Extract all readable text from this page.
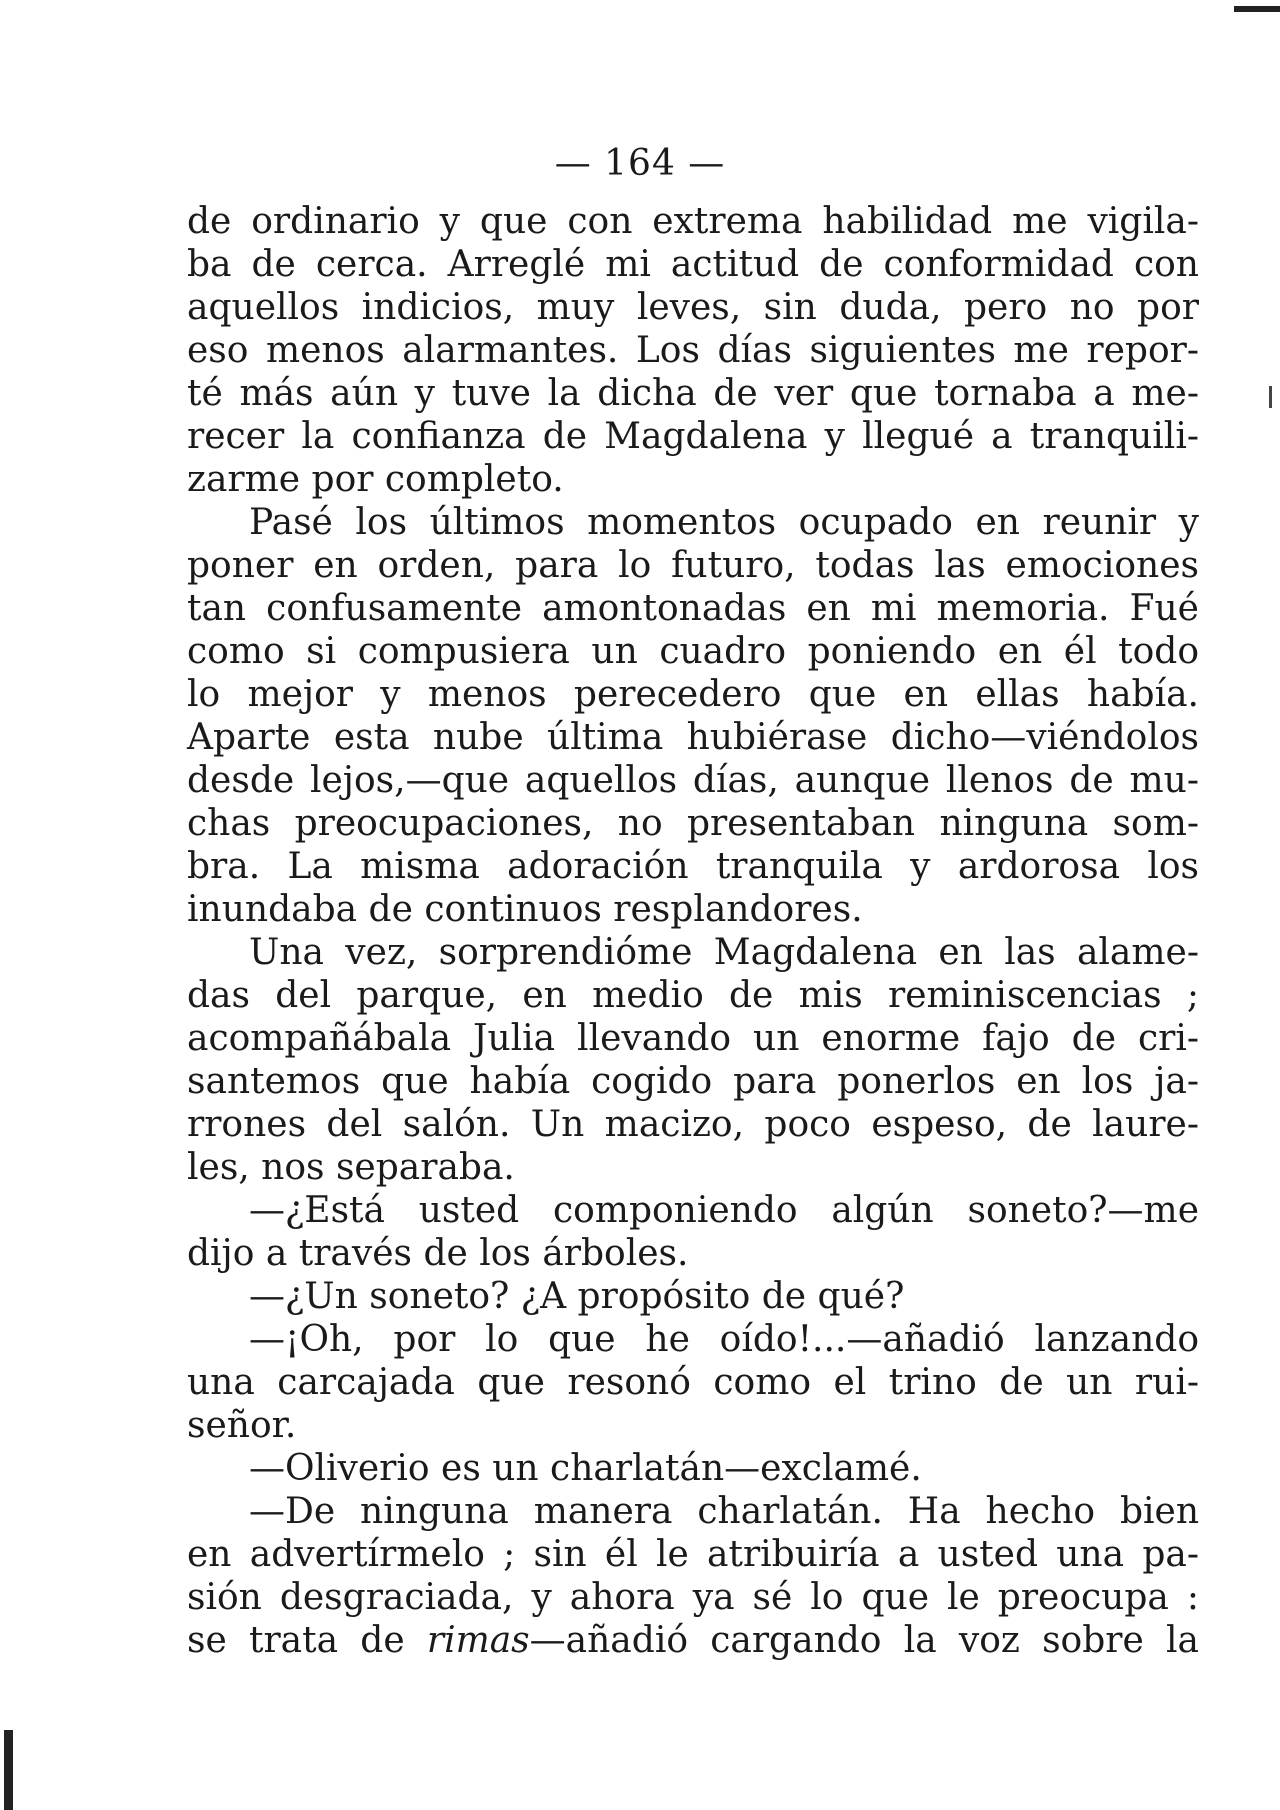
— 164 —
de ordinario y que con extrema habilidad me vigila-
ba de cerca. Arreglé mi actitud de conformidad con
aquellos indicios, muy leves, sin duda, pero no por
eso menos alarmantes. Los días siguientes me repor-
té más aún y tuve la dicha de ver que tornaba a me-
recer la confianza de Magdalena y llegué a tranquili-
zarme por completo.
Pasé los últimos momentos ocupado en reunir y
poner en orden, para lo futuro, todas las emociones
tan confusamente amontonadas en mi memoria. Fué
como si compusiera un cuadro poniendo en él todo
lo mejor y menos perecedero que en ellas había.
Aparte esta nube última hubiérase dicho—viéndolos
desde lejos,—que aquellos días, aunque llenos de mu-
chas preocupaciones, no presentaban ninguna som-
bra. La misma adoración tranquila y ardorosa los
inundaba de continuos resplandores.
Una vez, sorprendióme Magdalena en las alame-
das del parque, en medio de mis reminiscencias ;
acompañábala Julia llevando un enorme fajo de cri-
santemos que había cogido para ponerlos en los ja-
rrones del salón. Un macizo, poco espeso, de laure-
les, nos separaba.
—¿Está usted componiendo algún soneto?—me
dijo a través de los árboles.
—¿Un soneto? ¿A propósito de qué?
—¡Oh, por lo que he oído!...—añadió lanzando
una carcajada que resonó como el trino de un rui-
señor.
—Oliverio es un charlatán—exclamé.
—De ninguna manera charlatán. Ha hecho bien
en advertírmelo ; sin él le atribuiría a usted una pa-
sión desgraciada, y ahora ya sé lo que le preocupa :
se trata de rimas—añadió cargando la voz sobre la
